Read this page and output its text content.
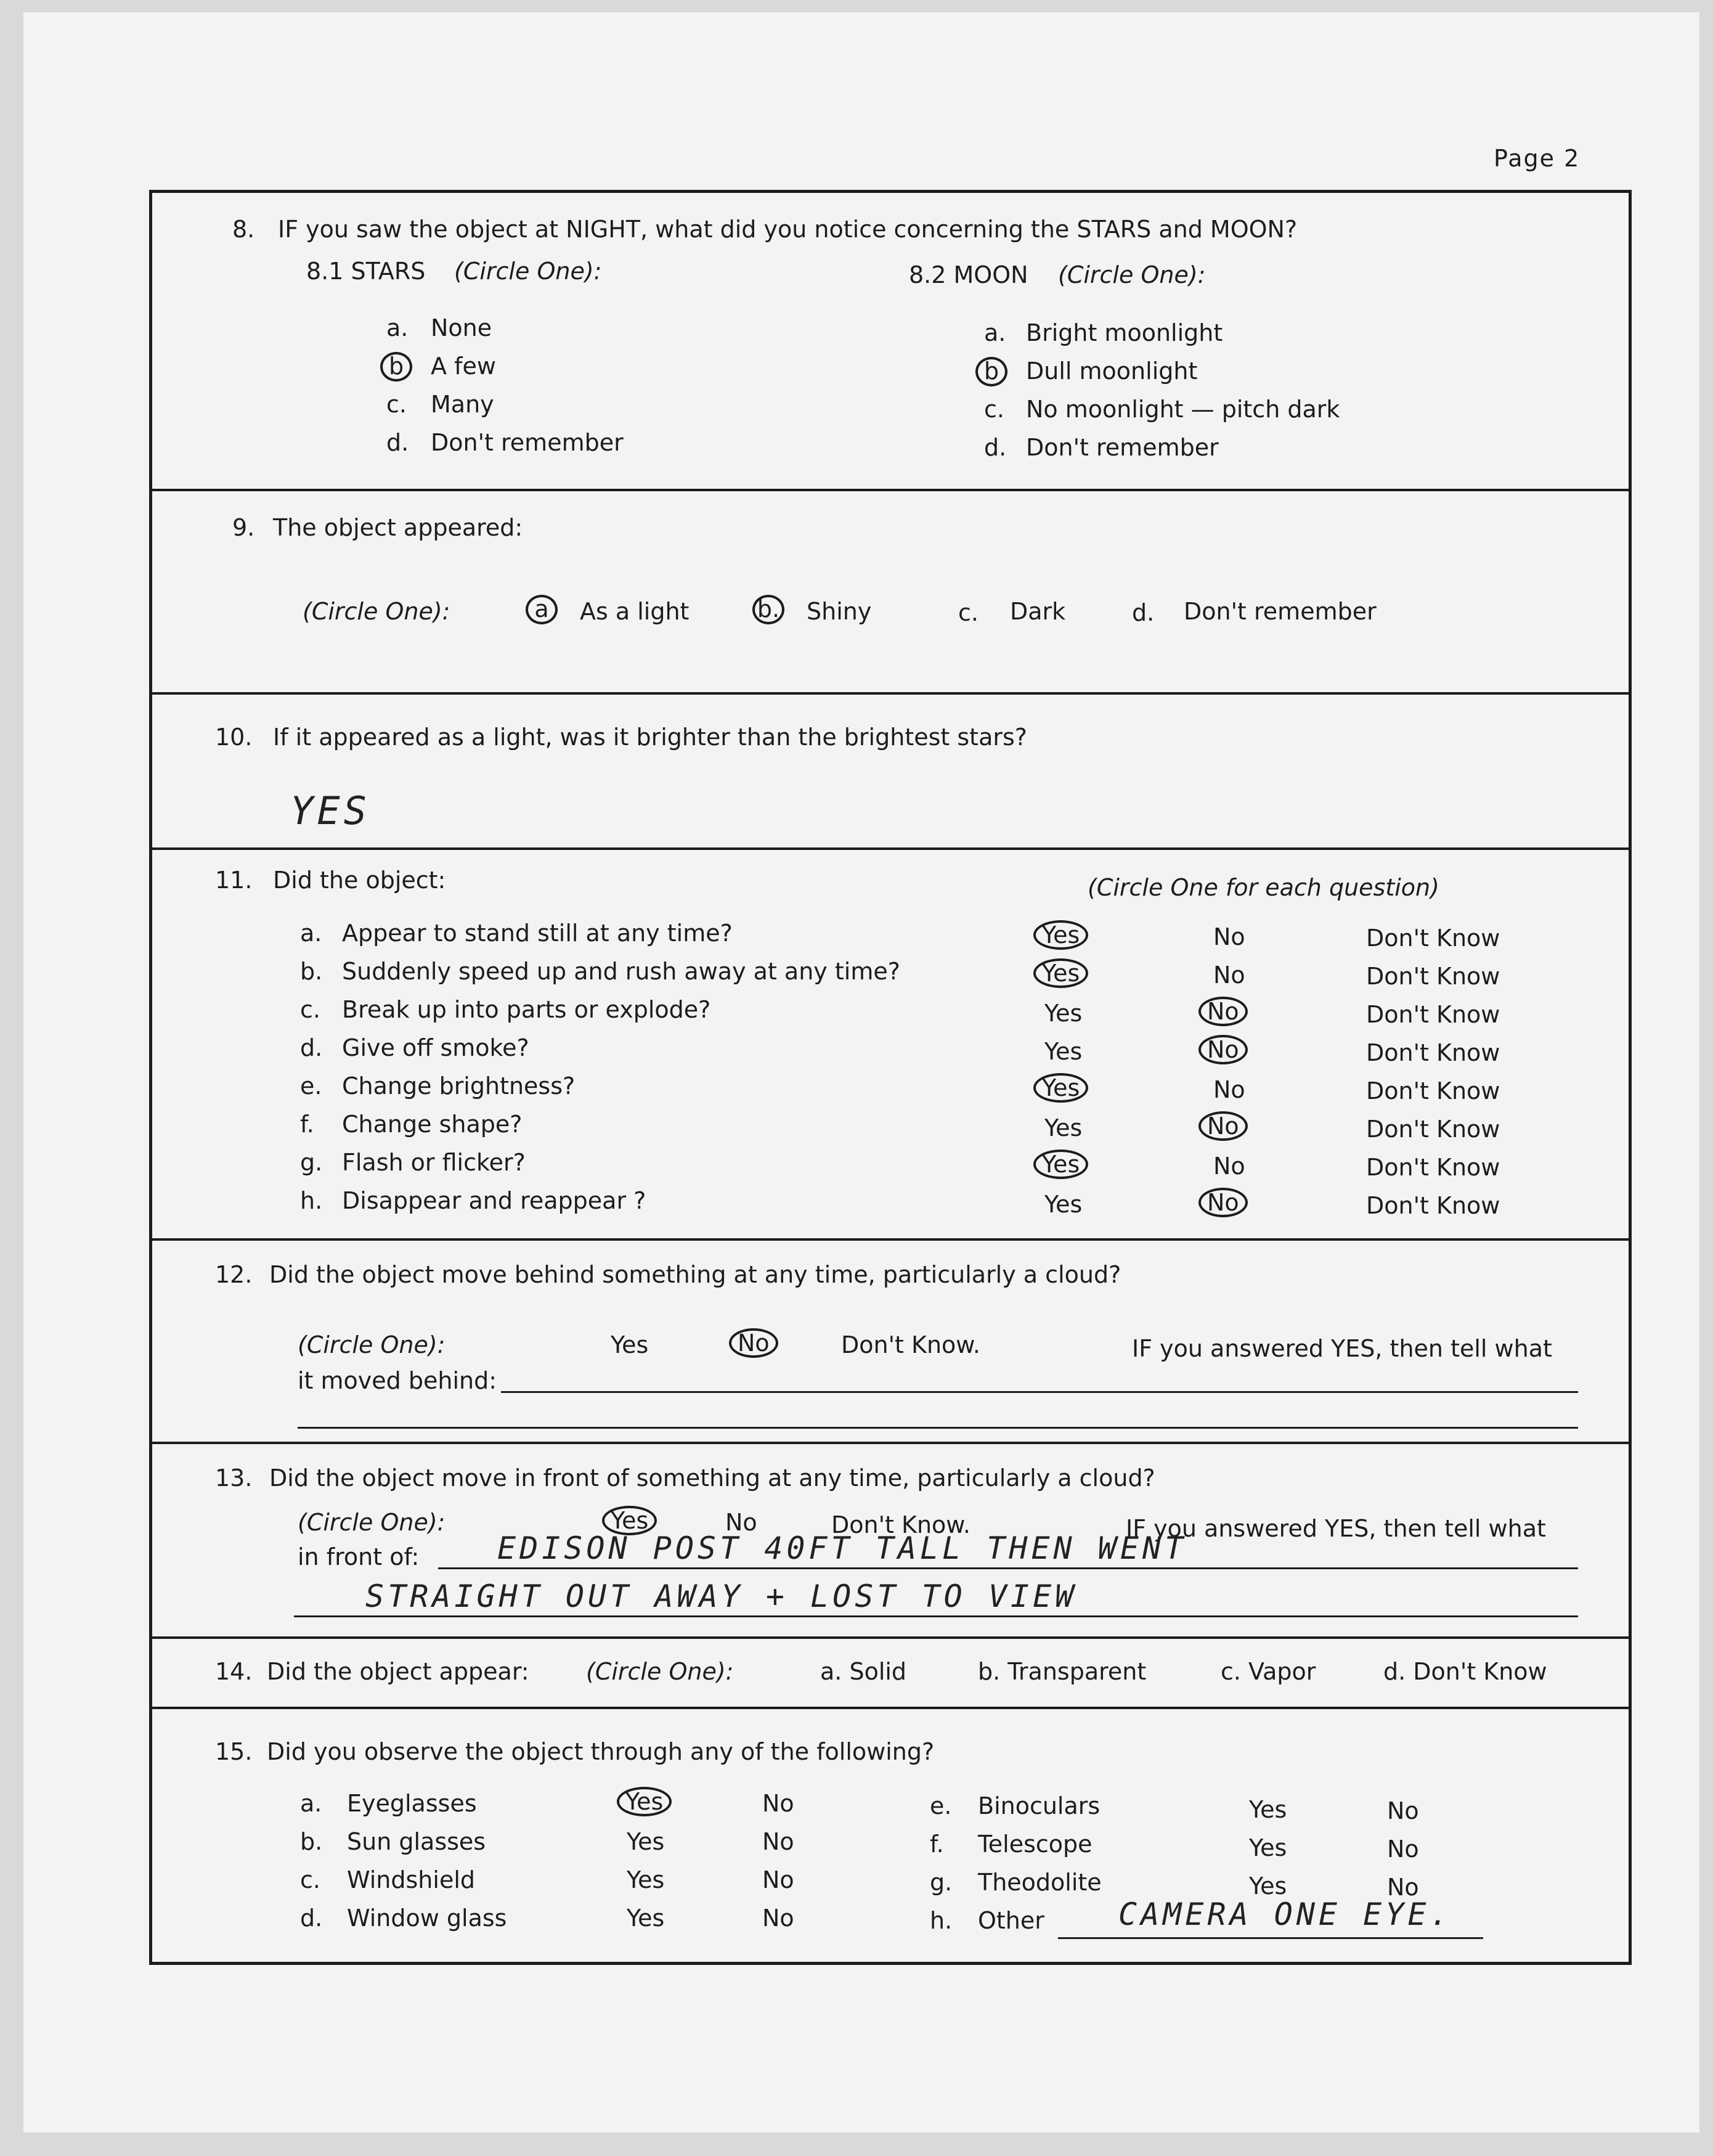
Page 2
8. IF you saw the object at NIGHT, what did you notice concerning the STARS and MOON?
8.1 STARS (Circle One):	8.2 MOON (Circle One):
a. None
b	A few
c. Many
d. Don't remember
a. Bright moonlight
b	Dull moonlight
c. No moonlight — pitch dark
d. Don't remember
9. The object appeared:
(Circle One):	a	As a light	b. Shiny	c. Dark	d. Don't remember
10. If it appeared as a light, was it brighter than the brightest stars?
YES
11. Did the object:	(Circle One for each question)
a. Appear to stand still at any time?	Yes	No	Don't Know
b. Suddenly speed up and rush away at any time?	Yes	No	Don't Know
c. Break up into parts or explode?	Yes	No	Don't Know
d. Give off smoke?	Yes	No	Don't Know
e. Change brightness?	Yes	No	Don't Know
f. Change shape?	Yes	No	Don't Know
g. Flash or flicker?	Yes	No	Don't Know
h. Disappear and reappear ?	Yes	No	Don't Know
12. Did the object move behind something at any time, particularly a cloud?
(Circle One):	Yes	No	Don't Know.	IF you answered YES, then tell what
it moved behind:
13. Did the object move in front of something at any time, particularly a cloud?
(Circle One):	Yes	No	Don't Know.	IF you answered YES, then tell what
in front of:	EDISON POST 40FT TALL THEN WENT
STRAIGHT OUT AWAY + LOST TO VIEW
14. Did the object appear: (Circle One):	a. Solid	b. Transparent	c. Vapor	d. Don't Know
15. Did you observe the object through any of the following?
a. Eyeglasses	Yes	No
b. Sun glasses	Yes	No
c. Windshield	Yes	No
d. Window glass	Yes	No
e. Binoculars	Yes	No
f. Telescope	Yes	No
g. Theodolite	Yes	No
h. Other CAMERA ONE EYE.
